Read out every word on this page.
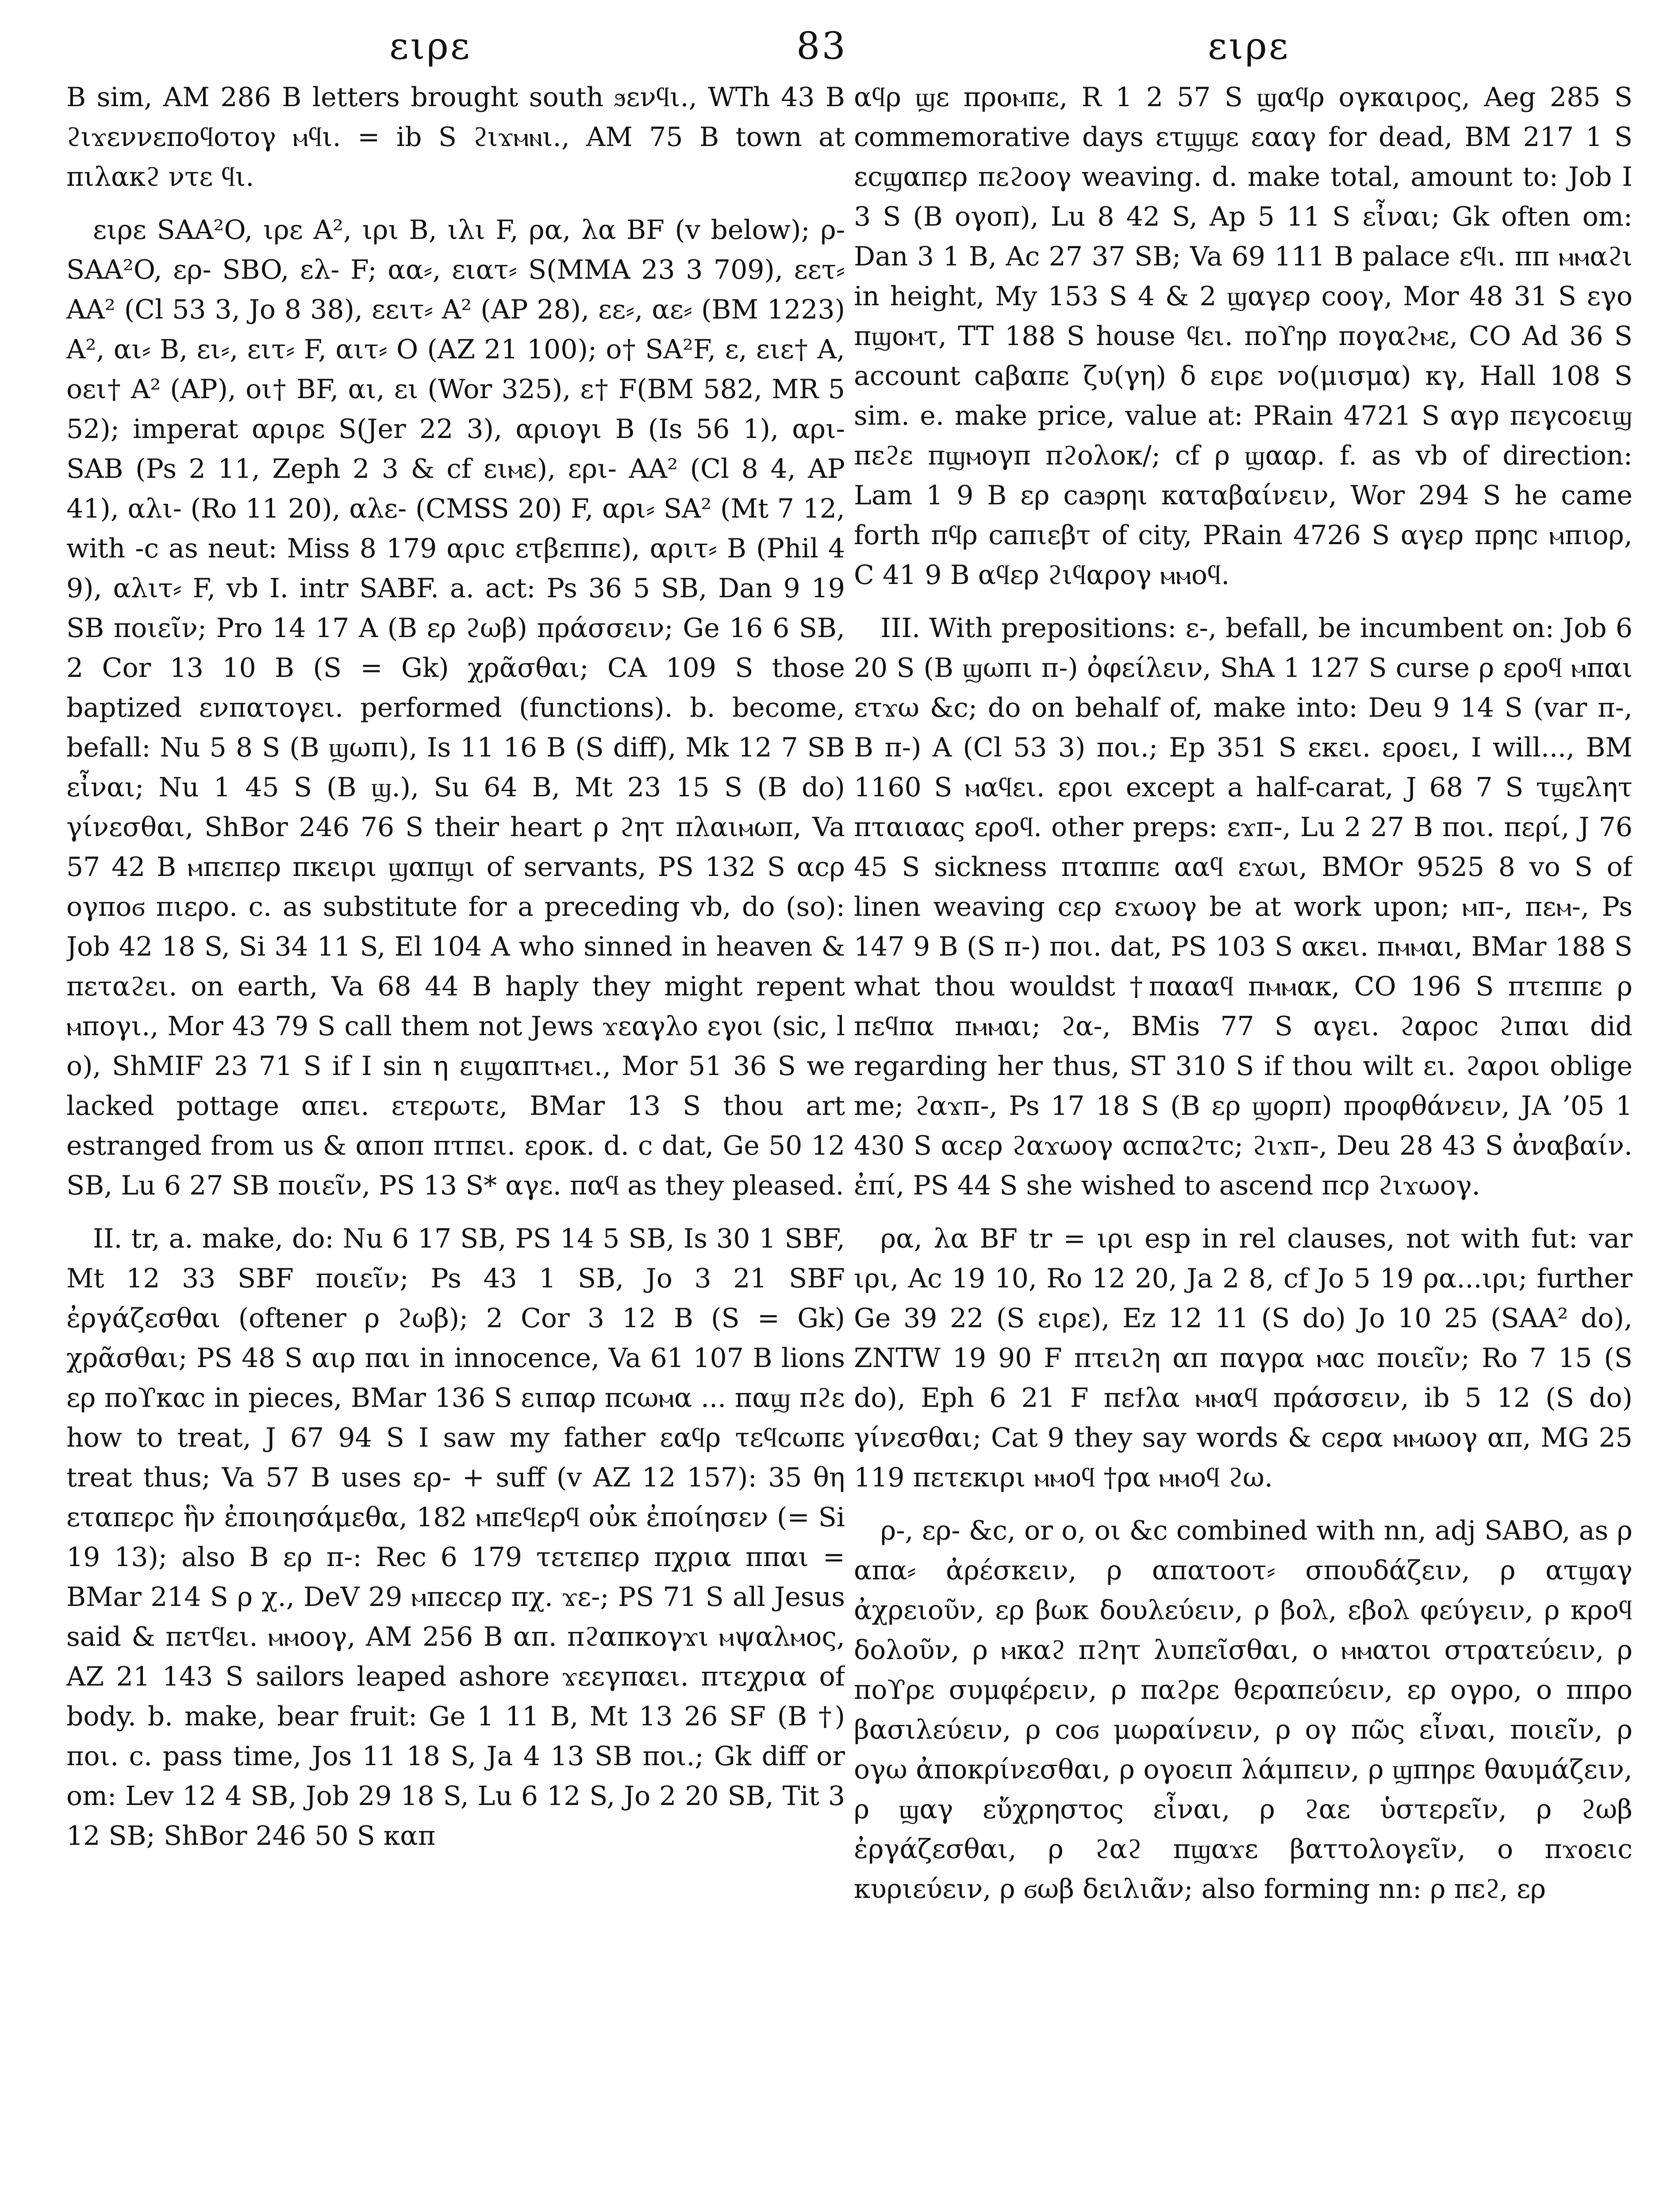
ειρε	83	ειρε

B sim, AM 286 B letters brought south ϧενϥι., WTh 43 B ϩιϫεννεποϥοτογ ⲙϥι. = ib S ϩιϫⲙⲛι., AM 75 B town at πιλακϩ ντε ϥι.

ειρε SAA²O, ιρε A², ιρι B, ιλι F, ρα, λα BF (v below); ρ- SAA²O, ερ- SBO, ελ- F; αα⸗, ειατ⸗ S(MMA 23 3 709), εετ⸗ AA² (Cl 53 3, Jo 8 38), εειτ⸗ A² (AP 28), εε⸗, αε⸗ (BM 1223) A², αι⸗ B, ει⸗, ειτ⸗ F, αιτ⸗ O (AZ 21 100); ο† SA²F, ε, ειε† A, οει† A² (AP), οι† BF, αι, ει (Wor 325), ε† F(BM 582, MR 5 52); imperat αριρε S(Jer 22 3), αριογι B (Is 56 1), αρι- SAB (Ps 2 11, Zeph 2 3 & cf ειⲙε), ερι- AA² (Cl 8 4, AP 41), αλι- (Ro 11 20), αλε- (CMSS 20) F, αρι⸗ SA² (Mt 7 12, with -c as neut: Miss 8 179 αριc ετβεππε), αριτ⸗ B (Phil 4 9), αλιτ⸗ F, vb I. intr SABF. a. act: Ps 36 5 SB, Dan 9 19 SB ποιεῖν; Pro 14 17 A (B ερ ϩωβ) πράσσειν; Ge 16 6 SB, 2 Cor 13 10 B (S = Gk) χρᾶσθαι; CA 109 S those baptized ενπατογει. performed (functions). b. become, befall: Nu 5 8 S (B ϣωπι), Is 11 16 B (S diff), Mk 12 7 SB εἶναι; Nu 1 45 S (B ϣ.), Su 64 B, Mt 23 15 S (B do) γίνεσθαι, ShBor 246 76 S their heart ρ ϩητ πλαιⲙωπ, Va 57 42 B ⲙπεπερ πκειρι ϣαπϣι of servants, PS 132 S αcρ ογποϭ πιερο. c. as substitute for a preceding vb, do (so): Job 42 18 S, Si 34 11 S, El 104 A who sinned in heaven & πεταϩει. on earth, Va 68 44 B haply they might repent ⲙπογι., Mor 43 79 S call them not Jews ϫεαγλο εγοι (sic, l ο), ShMIF 23 71 S if I sin η ειϣαπτⲙει., Mor 51 36 S we lacked pottage απει. ετερωτε, BMar 13 S thou art estranged from us & αποπ πτπει. ερoκ. d. c dat, Ge 50 12 SB, Lu 6 27 SB ποιεῖν, PS 13 S* αγε. παϥ as they pleased.

II. tr, a. make, do: Nu 6 17 SB, PS 14 5 SB, Is 30 1 SBF, Mt 12 33 SBF ποιεῖν; Ps 43 1 SB, Jo 3 21 SBF ἐργάζεσθαι (oftener ρ ϩωβ); 2 Cor 3 12 B (S = Gk) χρᾶσθαι; PS 48 S αιρ παι in innocence, Va 61 107 B lions ερ ποϒκαc in pieces, BMar 136 S ειπαρ πcωⲙα ... παϣ πϩε how to treat, J 67 94 S I saw my father εαϥρ τεϥcωπε treat thus; Va 57 B uses ερ- + suff (v AZ 12 157): 35 θη εταπερc ἣν ἐποιησάμεθα, 182 ⲙπεϥερϥ οὐκ ἐποίησεν (= Si 19 13); also B ερ π-: Rec 6 179 τετεπερ πχρια ππαι = BMar 214 S ρ χ., DeV 29 ⲙπεcερ πχ. ϫε-; PS 71 S all Jesus said & πετϥει. ⲙⲙοογ, AM 256 B απ. πϩαπκογϫι ⲙψαλⲙος, AZ 21 143 S sailors leaped ashore ϫεεγπαει. πτεχρια of body. b. make, bear fruit: Ge 1 11 B, Mt 13 26 SF (B †) ποι. c. pass time, Jos 11 18 S, Ja 4 13 SB ποι.; Gk diff or om: Lev 12 4 SB, Job 29 18 S, Lu 6 12 S, Jo 2 20 SB, Tit 3 12 SB; ShBor 246 50 S καπ

αϥρ ϣε προⲙπε, R 1 2 57 S ϣαϥρ ογκαιρος, Aeg 285 S commemorative days ετϣϣε εααγ for dead, BM 217 1 S εcϣαπερ πεϩοογ weaving. d. make total, amount to: Job I 3 S (B ογοπ), Lu 8 42 S, Ap 5 11 S εἶναι; Gk often om: Dan 3 1 B, Ac 27 37 SB; Va 69 111 B palace εϥι. ππ ⲙⲙαϩι in height, My 153 S 4 & 2 ϣαγερ cοογ, Mor 48 31 S εγο πϣοⲙτ, TT 188 S house ϥει. ποϒηρ πογαϩⲙε, CO Ad 36 S account caβαπε ζυ(γη) δ ειρε νο(μισμα) κγ, Hall 108 S sim. e. make price, value at: PRain 4721 S αγρ πεγcοειϣ πεϩε πϣⲙογπ πϩολοκ/; cf ρ ϣααρ. f. as vb of direction: Lam 1 9 B ερ caϧρηι καταβαίνειν, Wor 294 S he came forth πϥρ caπιεβτ of city, PRain 4726 S αγερ πρηc ⲙπιορ, C 41 9 B αϥερ ϩιϥαρογ ⲙⲙοϥ.

III. With prepositions: ε-, befall, be incumbent on: Job 6 20 S (B ϣωπι π-) ὀφείλειν, ShA 1 127 S curse ρ εροϥ ⲙπαι ετϫω &c; do on behalf of, make into: Deu 9 14 S (var π-, B π-) A (Cl 53 3) ποι.; Ep 351 S εκει. εροει, I will..., BM 1160 S ⲙαϥει. εροι except a half-carat, J 68 7 S τϣελητ πταιαας εροϥ. other preps: εϫπ-, Lu 2 27 B ποι. περί, J 76 45 S sickness πταππε ααϥ εϫωι, BMOr 9525 8 vo S of linen weaving cερ εϫωογ be at work upon; ⲙπ-, πεⲙ-, Ps 147 9 B (S π-) ποι. dat, PS 103 S ακει. πⲙⲙαι, BMar 188 S what thou wouldst †παααϥ πⲙⲙακ, CO 196 S πτεππε ρ πεϥπα πⲙⲙαι; ϩα-, BMis 77 S αγει. ϩαροc ϩιπαι did regarding her thus, ST 310 S if thou wilt ει. ϩαροι oblige me; ϩαϫπ-, Ps 17 18 S (B ερ ϣορπ) προφθάνειν, JA ’05 1 430 S αcερ ϩαϫωογ αcπαϩτc; ϩιϫπ-, Deu 28 43 S ἀναβαίν. ἐπί, PS 44 S she wished to ascend πcρ ϩιϫωογ.

ρα, λα BF tr = ιρι esp in rel clauses, not with fut: var ιρι, Ac 19 10, Ro 12 20, Ja 2 8, cf Jo 5 19 ρα...ιρι; further Ge 39 22 (S ειρε), Ez 12 11 (S do) Jo 10 25 (SAA² do), ZNTW 19 90 F πτειϩη απ παγρα ⲙαc ποιεῖν; Ro 7 15 (S do), Eph 6 21 F πεϯλα ⲙⲙαϥ πράσσειν, ib 5 12 (S do) γίνεσθαι; Cat 9 they say words & cερα ⲙⲙωογ απ, MG 25 119 πετεκιρι ⲙⲙοϥ †ρα ⲙⲙοϥ ϩω.

ρ-, ερ- &c, or ο, οι &c combined with nn, adj SABO, as ρ απα⸗ ἀρέσκειν, ρ απατοοτ⸗ σπουδάζειν, ρ ατϣαγ ἀχρειοῦν, ερ βωκ δουλεύειν, ρ βολ, εβολ φεύγειν, ρ κροϥ δολοῦν, ρ ⲙκαϩ πϩητ λυπεῖσθαι, ο ⲙⲙατοι στρατεύειν, ρ ποϒρε συμφέρειν, ρ παϩρε θεραπεύειν, ερ ογρο, ο ππρο βασιλεύειν, ρ coϭ μωραίνειν, ρ ογ πῶς εἶναι, ποιεῖν, ρ ογω ἀποκρίνεσθαι, ρ ογοειπ λάμπειν, ρ ϣπηρε θαυμάζειν, ρ ϣαγ εὔχρηστος εἶναι, ρ ϩαε ὑστερεῖν, ρ ϩωβ ἐργάζεσθαι, ρ ϩαϩ πϣαϫε βαττολογεῖν, ο πϫοειc κυριεύειν, ρ ϭωβ δειλιᾶν; also forming nn: ρ πεϩ, ερ
